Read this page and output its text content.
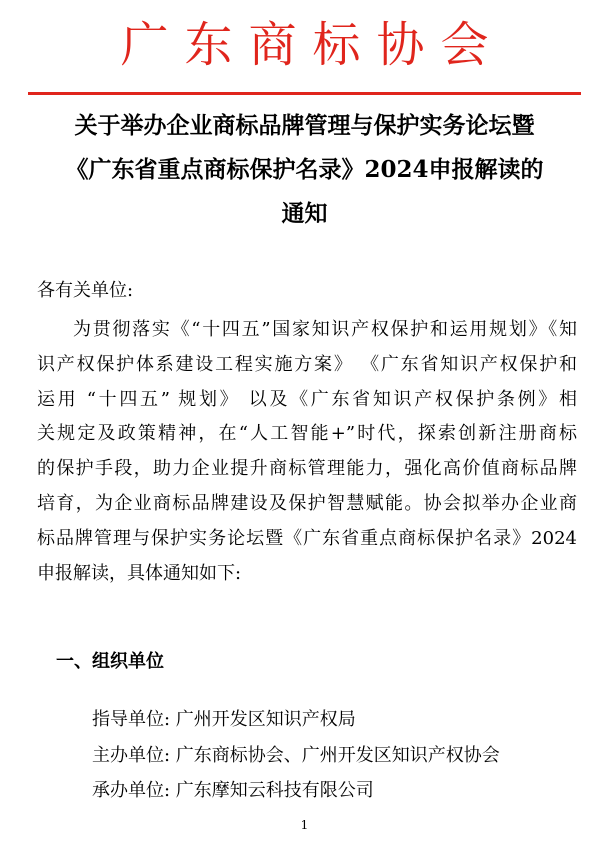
广东商标协会
关于举办企业商标品牌管理与保护实务论坛暨
《广东省重点商标保护名录》2024申报解读的
通知
各有关单位:
为贯彻落实《“十四五”国家知识产权保护和运用规划》《知
识产权保护体系建设工程实施方案》 《广东省知识产权保护和
运用 “十四五” 规划》 以及《广东省知识产权保护条例》相
关规定及政策精神，在“人工智能+”时代，探索创新注册商标
的保护手段，助力企业提升商标管理能力，强化高价值商标品牌
培育，为企业商标品牌建设及保护智慧赋能。协会拟举办企业商
标品牌管理与保护实务论坛暨《广东省重点商标保护名录》2024
申报解读，具体通知如下:
一、组织单位
指导单位: 广州开发区知识产权局
主办单位: 广东商标协会、广州开发区知识产权协会
承办单位: 广东摩知云科技有限公司
1
